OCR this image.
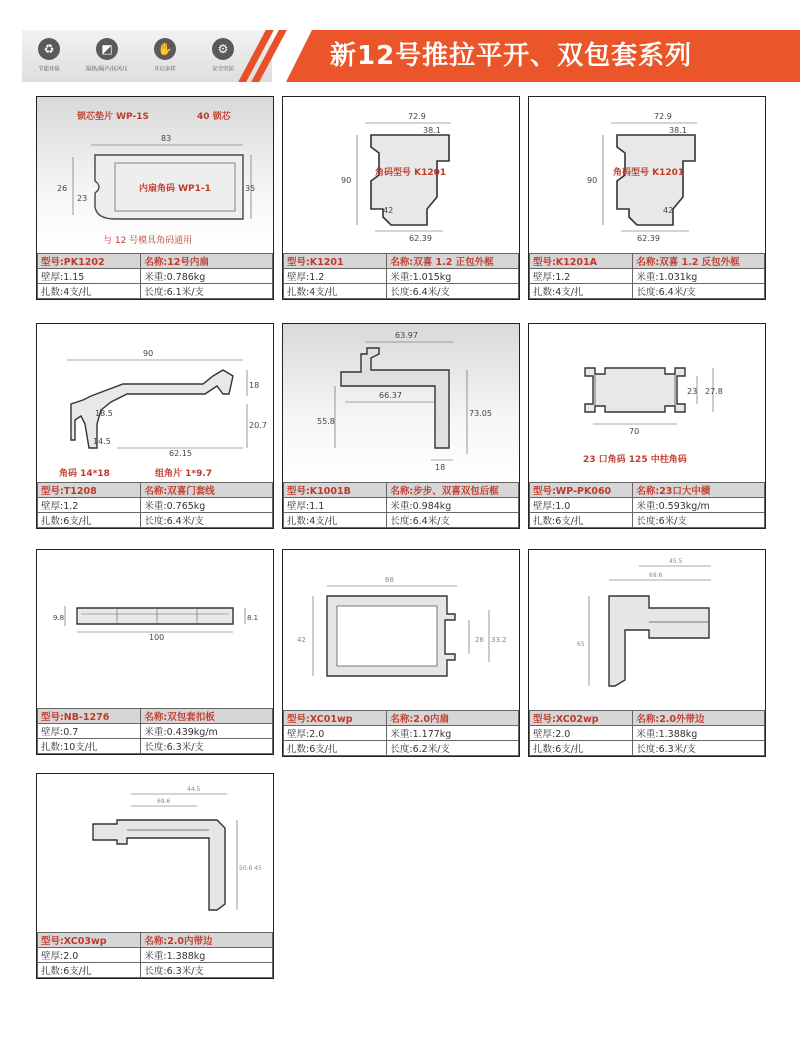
♻
节能环保
◩
隔热/隔声/抗风压
✋
开启多样
⚙
安全坚固	新12号推拉平开、双包套系列
锁芯垫片 WP-1S	40 锁芯
83
26
23
35
内扇角码 WP1-1
与 12 号模具角码通用
型号:PK1202	名称:12号内扇
壁厚:1.15	米重:0.786kg
扎数:4支/扎	长度:6.1米/支
72.9
38.1
90
42
62.39
角码型号 K1201
型号:K1201	名称:双喜 1.2 正包外框
壁厚:1.2	米重:1.015kg
扎数:4支/扎	长度:6.4米/支
72.9
38.1
90
42
62.39
角码型号 K1201
型号:K1201A	名称:双喜 1.2 反包外框
壁厚:1.2	米重:1.031kg
扎数:4支/扎	长度:6.4米/支
90
18
20.7
18.5
14.5
62.15
角码 14*18	组角片 1*9.7
型号:T1208	名称:双喜门套线
壁厚:1.2	米重:0.765kg
扎数:6支/扎	长度:6.4米/支
63.97
66.37
55.8
73.05
18
型号:K1001B	名称:步步、双喜双包后框
壁厚:1.1	米重:0.984kg
扎数:4支/扎	长度:6.4米/支
23 27.8
70
23 口角码 125 中柱角码
型号:WP-PK060	名称:23口大中横
壁厚:1.0	米重:0.593kg/m
扎数:6支/扎	长度:6米/支
9.8	8.1
100
型号:NB-1276	名称:双包套扣板
壁厚:0.7	米重:0.439kg/m
扎数:10支/扎	长度:6.3米/支
68
42	26 33.2
型号:XC01wp	名称:2.0内扇
壁厚:2.0	米重:1.177kg
扎数:6支/扎	长度:6.2米/支
45.5
69.6
65
型号:XC02wp	名称:2.0外带边
壁厚:2.0	米重:1.388kg
扎数:6支/扎	长度:6.3米/支
44.5
69.6
50.6 45
型号:XC03wp	名称:2.0内带边
壁厚:2.0	米重:1.388kg
扎数:6支/扎	长度:6.3米/支
